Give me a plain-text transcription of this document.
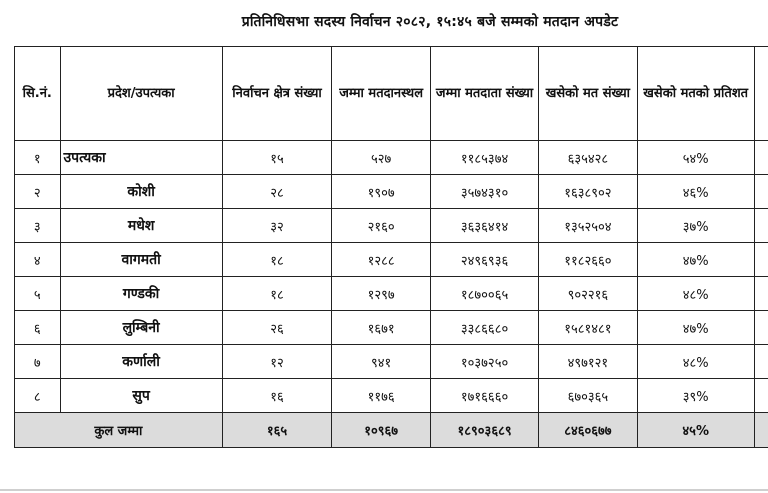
प्रतिनिधिसभा सदस्य निर्वाचन २०८२, १५:४५ बजे सम्मको मतदान अपडेट
सि.नं.	प्रदेश/उपत्यका	निर्वाचन क्षेत्र संख्या	जम्मा मतदानस्थल	जम्मा मतदाता संख्या	खसेको मत संख्या	खसेको मतको प्रतिशत	
१	उपत्यका	१५	५२७	११८५३७४	६३५४२८	५४%	
२	कोशी	२८	१९०७	३५७४३१०	१६३८९०२	४६%	
३	मधेश	३२	२१६०	३६३६४१४	१३५२५०४	३७%	
४	वागमती	१८	१२८८	२४९६९३६	११८२६६०	४७%	
५	गण्डकी	१८	१२९७	१८७००६५	९०२२१६	४८%	
६	लुम्बिनी	२६	१६७१	३३८६६८०	१५८१४८१	४७%	
७	कर्णाली	१२	९४१	१०३७२५०	४९७१२१	४८%	
८	सुप	१६	११७६	१७१६६६०	६७०३६५	३९%	
कुल जम्मा		१६५	१०९६७	१८९०३६८९	८४६०६७७	४५%	
